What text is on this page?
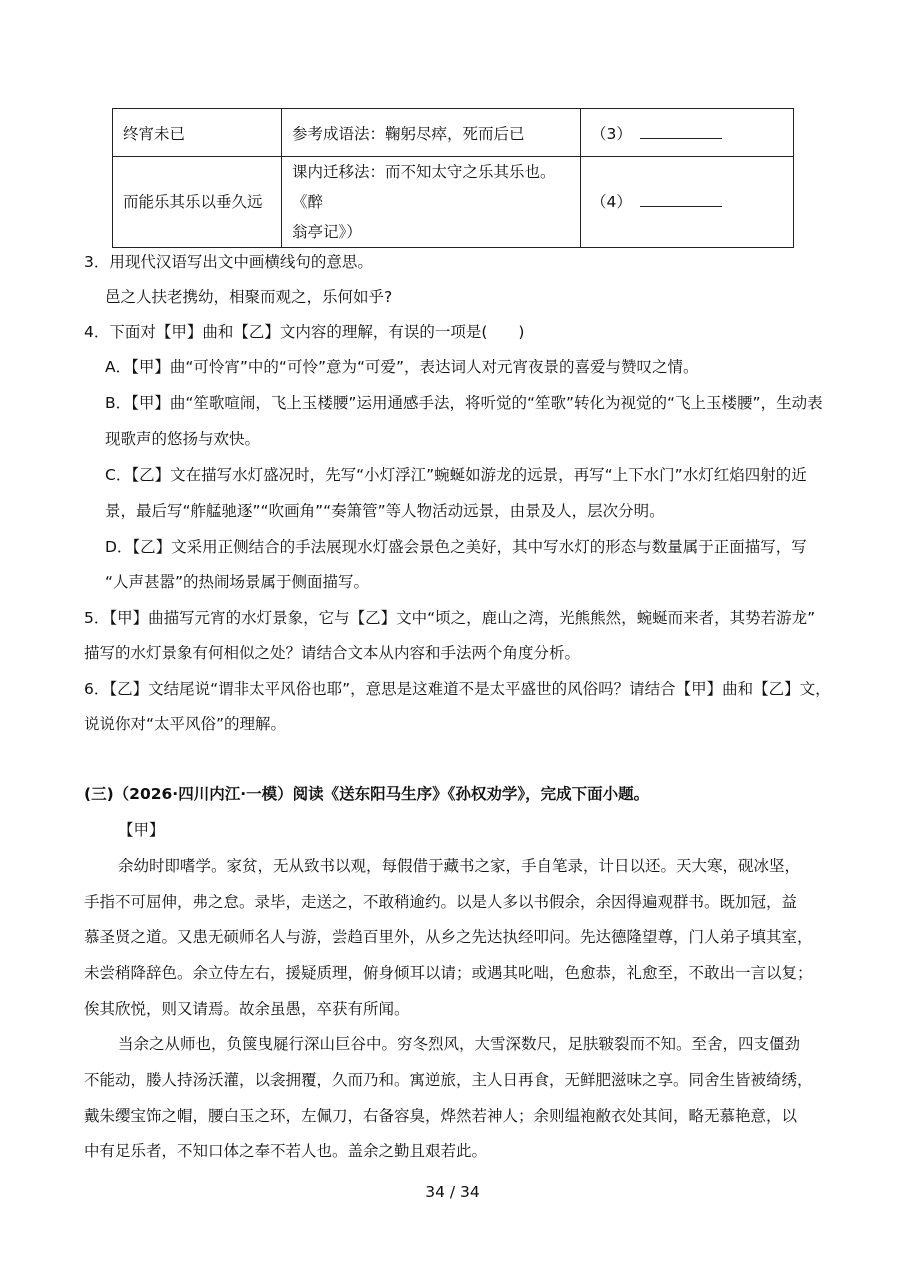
终宵未已	参考成语法：鞠躬尽瘁，死而后已	（3）
而能乐其乐以垂久远	课内迁移法：而不知太守之乐其乐也。《醉
翁亭记》）	（4）
3．用现代汉语写出文中画横线句的意思。
邑之人扶老携幼，相聚而观之，乐何如乎?
4．下面对【甲】曲和【乙】文内容的理解，有误的一项是(　　)
A．【甲】曲“可怜宵”中的“可怜”意为“可爱”，表达词人对元宵夜景的喜爱与赞叹之情。
B．【甲】曲“笙歌喧闹，飞上玉楼腰”运用通感手法，将听觉的“笙歌”转化为视觉的“飞上玉楼腰”，生动表
现歌声的悠扬与欢快。
C．【乙】文在描写水灯盛况时，先写“小灯浮江”蜿蜒如游龙的远景，再写“上下水门”水灯红焰四射的近
景，最后写“舴艋驰逐”“吹画角”“奏箫管”等人物活动远景，由景及人，层次分明。
D．【乙】文采用正侧结合的手法展现水灯盛会景色之美好，其中写水灯的形态与数量属于正面描写，写
“人声甚嚣”的热闹场景属于侧面描写。
5．【甲】曲描写元宵的水灯景象，它与【乙】文中“顷之，鹿山之湾，光熊熊然，蜿蜒而来者，其势若游龙”
描写的水灯景象有何相似之处？请结合文本从内容和手法两个角度分析。
6．【乙】文结尾说“谓非太平风俗也耶”，意思是这难道不是太平盛世的风俗吗？请结合【甲】曲和【乙】文，
说说你对“太平风俗”的理解。
(三)（2026·四川内江·一模）阅读《送东阳马生序》《孙权劝学》，完成下面小题。
【甲】
余幼时即嗜学。家贫，无从致书以观，每假借于藏书之家，手自笔录，计日以还。天大寒，砚冰坚，
手指不可屈伸，弗之怠。录毕，走送之，不敢稍逾约。以是人多以书假余，余因得遍观群书。既加冠，益
慕圣贤之道。又患无硕师名人与游，尝趋百里外，从乡之先达执经叩问。先达德隆望尊，门人弟子填其室，
未尝稍降辞色。余立侍左右，援疑质理，俯身倾耳以请；或遇其叱咄，色愈恭，礼愈至，不敢出一言以复；
俟其欣悦，则又请焉。故余虽愚，卒获有所闻。
当余之从师也，负箧曳屣行深山巨谷中。穷冬烈风，大雪深数尺，足肤皲裂而不知。至舍，四支僵劲
不能动，媵人持汤沃灌，以衾拥覆，久而乃和。寓逆旅，主人日再食，无鲜肥滋味之享。同舍生皆被绮绣，
戴朱缨宝饰之帽，腰白玉之环，左佩刀，右备容臭，烨然若神人；余则缊袍敝衣处其间，略无慕艳意，以
中有足乐者，不知口体之奉不若人也。盖余之勤且艰若此。
34 / 34
